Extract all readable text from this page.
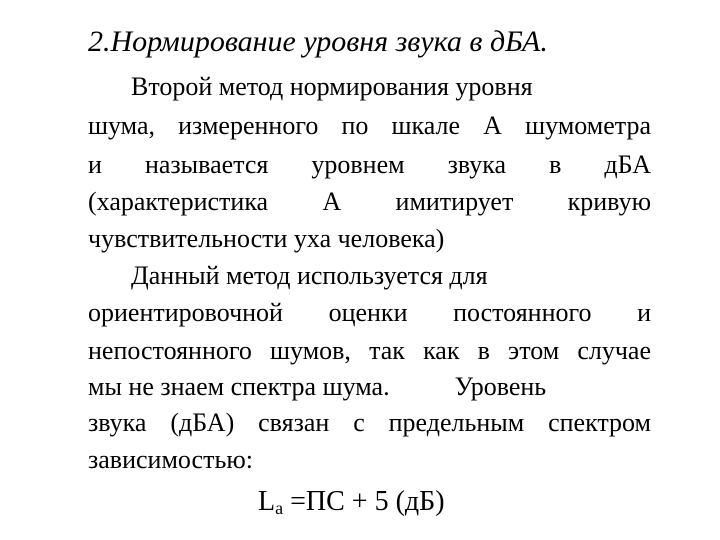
2.Нормирование уровня звука в дБА.
Второй метод нормирования уровня
шума, измеренного по шкале А шумометра
и называется уровнем звука в дБА
(характеристика А имитирует кривую
чувствительности уха человека)
Данный метод используется для
ориентировочной оценки постоянного и
непостоянного шумов, так как в этом случае
мы не знаем спектра шума.          Уровень
звука (дБА) связан с предельным спектром
зависимостью:
$L_а =ПС + 5$ (дБ)
